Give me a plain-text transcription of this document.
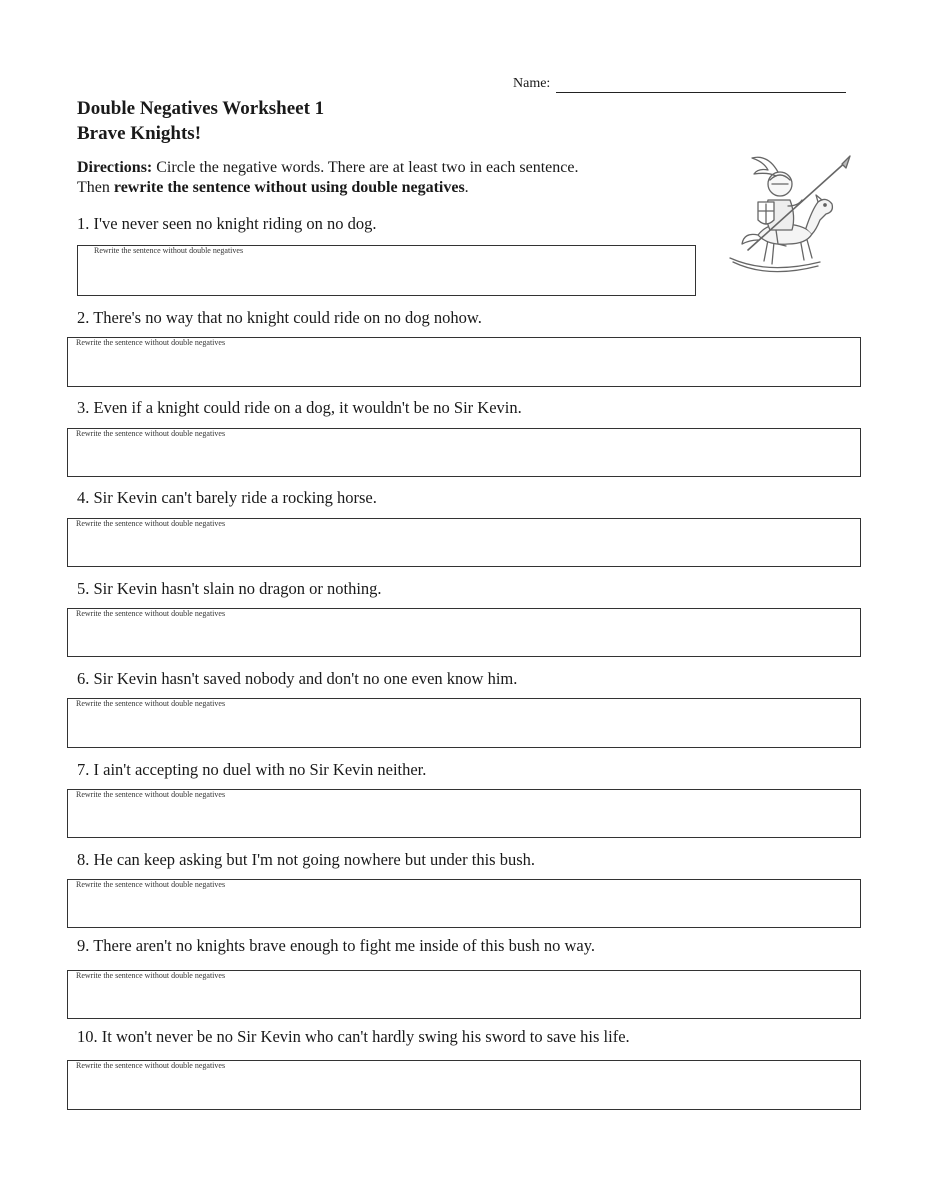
Name:
Double Negatives Worksheet 1
Brave Knights!
Directions: Circle the negative words. There are at least two in each sentence.
Then rewrite the sentence without using double negatives.
1. I've never seen no knight riding on no dog.
Rewrite the sentence without double negatives
2. There's no way that no knight could ride on no dog nohow.
Rewrite the sentence without double negatives
3. Even if a knight could ride on a dog, it wouldn't be no Sir Kevin.
Rewrite the sentence without double negatives
4. Sir Kevin can't barely ride a rocking horse.
Rewrite the sentence without double negatives
5. Sir Kevin hasn't slain no dragon or nothing.
Rewrite the sentence without double negatives
6. Sir Kevin hasn't saved nobody and don't no one even know him.
Rewrite the sentence without double negatives
7. I ain't accepting no duel with no Sir Kevin neither.
Rewrite the sentence without double negatives
8. He can keep asking but I'm not going nowhere but under this bush.
Rewrite the sentence without double negatives
9. There aren't no knights brave enough to fight me inside of this bush no way.
Rewrite the sentence without double negatives
10. It won't never be no Sir Kevin who can't hardly swing his sword to save his life.
Rewrite the sentence without double negatives
